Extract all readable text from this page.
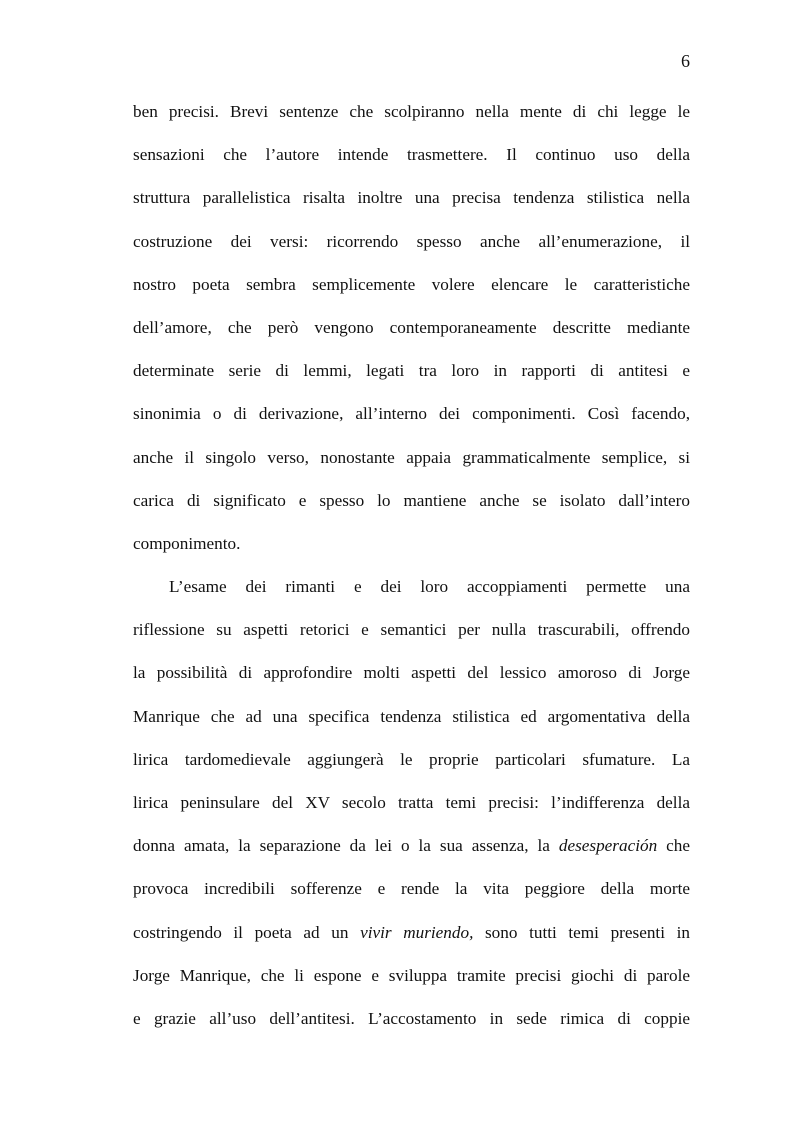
6
ben precisi. Brevi sentenze che scolpiranno nella mente di chi legge le
sensazioni che l’autore intende trasmettere. Il continuo uso della
struttura parallelistica risalta inoltre una precisa tendenza stilistica nella
costruzione dei versi: ricorrendo spesso anche all’enumerazione, il
nostro poeta sembra semplicemente volere elencare le caratteristiche
dell’amore, che però vengono contemporaneamente descritte mediante
determinate serie di lemmi, legati tra loro in rapporti di antitesi e
sinonimia o di derivazione, all’interno dei componimenti. Così facendo,
anche il singolo verso, nonostante appaia grammaticalmente semplice, si
carica di significato e spesso lo mantiene anche se isolato dall’intero
componimento.
L’esame dei rimanti e dei loro accoppiamenti permette una
riflessione su aspetti retorici e semantici per nulla trascurabili, offrendo
la possibilità di approfondire molti aspetti del lessico amoroso di Jorge
Manrique che ad una specifica tendenza stilistica ed argomentativa della
lirica tardomedievale aggiungerà le proprie particolari sfumature. La
lirica peninsulare del XV secolo tratta temi precisi: l’indifferenza della
donna amata, la separazione da lei o la sua assenza, la desesperación che
provoca incredibili sofferenze e rende la vita peggiore della morte
costringendo il poeta ad un vivir muriendo, sono tutti temi presenti in
Jorge Manrique, che li espone e sviluppa tramite precisi giochi di parole
e grazie all’uso dell’antitesi. L’accostamento in sede rimica di coppie
